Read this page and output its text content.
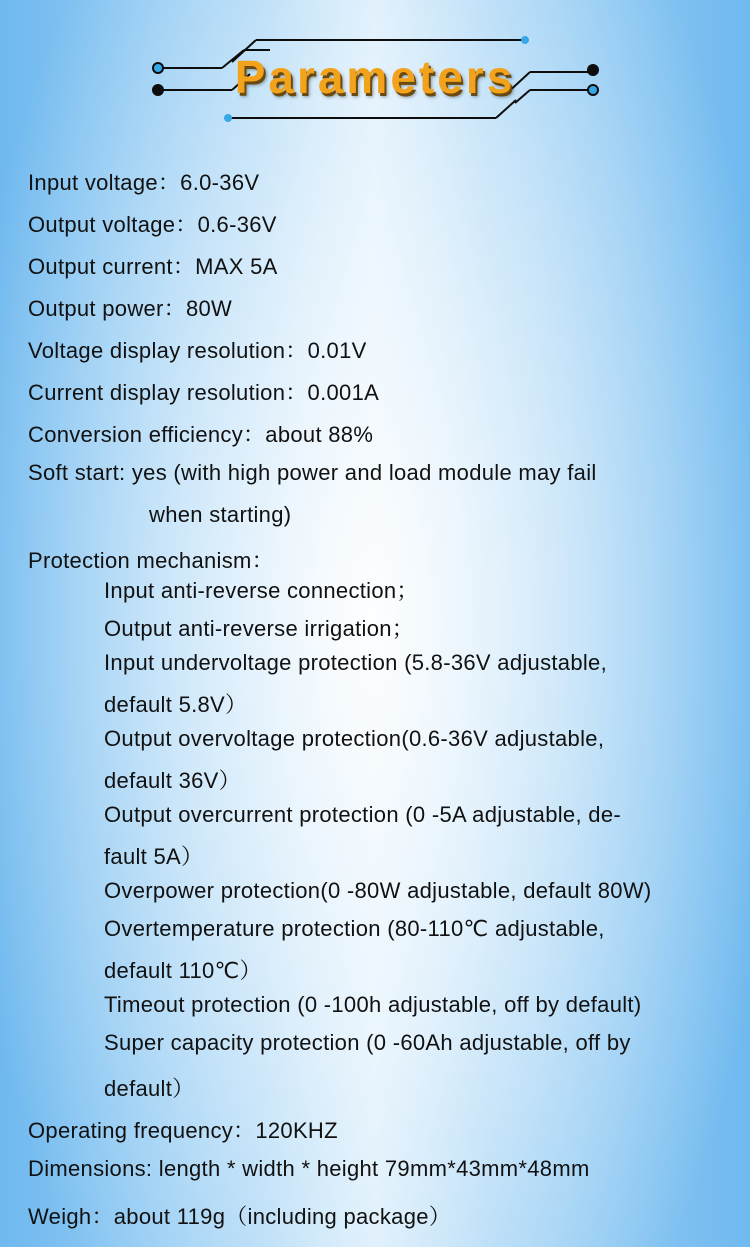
Parameters
Input voltage：6.0-36V
Output voltage：0.6-36V
Output current：MAX 5A
Output power：80W
Voltage display resolution：0.01V
Current display resolution：0.001A
Conversion efficiency：about 88%
Soft start: yes (with high power and load module may fail
when starting)
Protection mechanism：
Input anti-reverse connection；
Output anti-reverse irrigation；
Input undervoltage protection (5.8-36V adjustable,
default 5.8V）
Output overvoltage protection(0.6-36V adjustable,
default 36V）
Output overcurrent protection (0 -5A adjustable, de-
fault 5A）
Overpower protection(0 -80W adjustable, default 80W)
Overtemperature protection (80-110℃ adjustable,
default 110℃）
Timeout protection (0 -100h adjustable, off by default)
Super capacity protection (0 -60Ah adjustable, off by
default）
Operating frequency：120KHZ
Dimensions: length * width * height 79mm*43mm*48mm
Weigh：about 119g（including package）
